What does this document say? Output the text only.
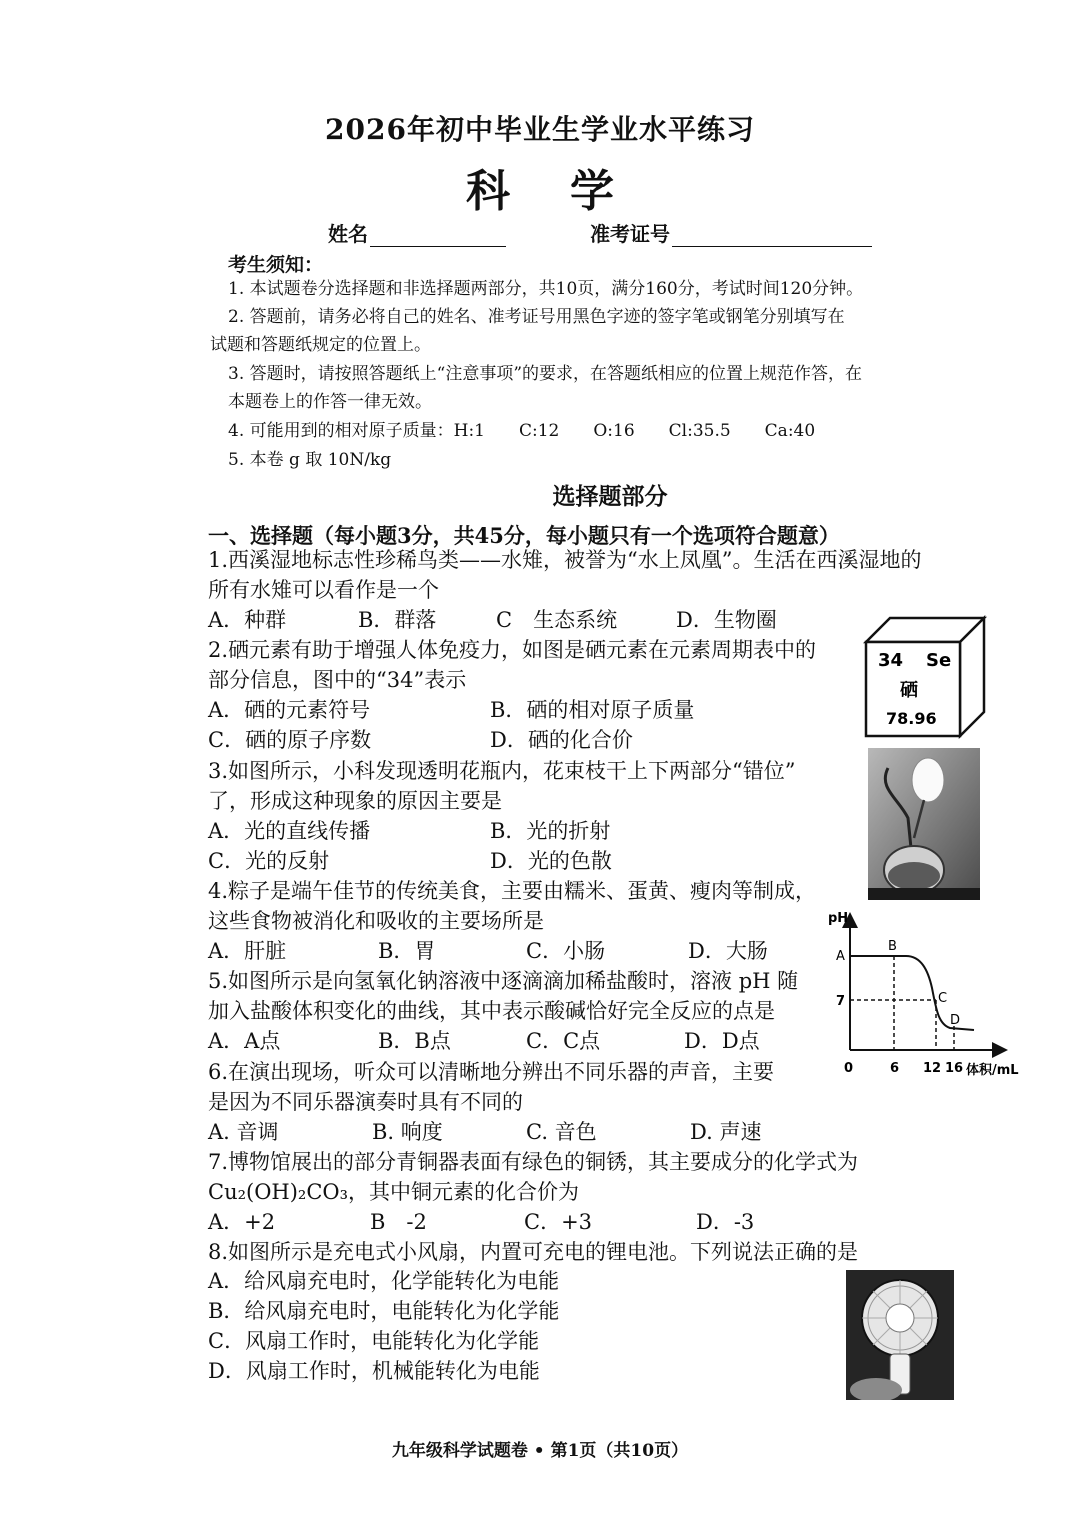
2026年初中毕业生学业水平练习
科学
姓名	准考证号
考生须知：
1. 本试题卷分选择题和非选择题两部分，共10页，满分160分，考试时间120分钟。
2. 答题前，请务必将自己的姓名、准考证号用黑色字迹的签字笔或钢笔分别填写在
试题和答题纸规定的位置上。
3. 答题时，请按照答题纸上“注意事项”的要求，在答题纸相应的位置上规范作答，在
本题卷上的作答一律无效。
4. 可能用到的相对原子质量：H:1　　C:12　　O:16　　Cl:35.5　　Ca:40
5. 本卷 g 取 10N/kg
选择题部分
一、选择题（每小题3分，共45分，每小题只有一个选项符合题意）
1.西溪湿地标志性珍稀鸟类——水雉，被誉为“水上凤凰”。生活在西溪湿地的
所有水雉可以看作是一个
A．种群	B．群落	C　生态系统	D．生物圈
2.硒元素有助于增强人体免疫力，如图是硒元素在元素周期表中的
部分信息，图中的“34”表示
A．硒的元素符号	B．硒的相对原子质量
C．硒的原子序数	D．硒的化合价
34 Se
硒
78.96
3.如图所示，小科发现透明花瓶内，花束枝干上下两部分“错位”
了，形成这种现象的原因主要是
A．光的直线传播	B．光的折射
C．光的反射	D．光的色散
4.粽子是端午佳节的传统美食，主要由糯米、蛋黄、瘦肉等制成，
这些食物被消化和吸收的主要场所是
A．肝脏	B．胃	C．小肠	D．大肠
5.如图所示是向氢氧化钠溶液中逐滴滴加稀盐酸时，溶液 pH 随
加入盐酸体积变化的曲线，其中表示酸碱恰好完全反应的点是
A．A点	B．B点	C．C点	D．D点
pH
体积/mL
0
7
6 12 16
A
B
C
D
6.在演出现场，听众可以清晰地分辨出不同乐器的声音，主要
是因为不同乐器演奏时具有不同的
A. 音调	B. 响度	C. 音色	D. 声速
7.博物馆展出的部分青铜器表面有绿色的铜锈，其主要成分的化学式为
Cu₂(OH)₂CO₃，其中铜元素的化合价为
A．+2	B　-2	C．+3	D．-3
8.如图所示是充电式小风扇，内置可充电的锂电池。下列说法正确的是
A．给风扇充电时，化学能转化为电能
B．给风扇充电时，电能转化为化学能
C．风扇工作时，电能转化为化学能
D．风扇工作时，机械能转化为电能
九年级科学试题卷 • 第1页（共10页）
